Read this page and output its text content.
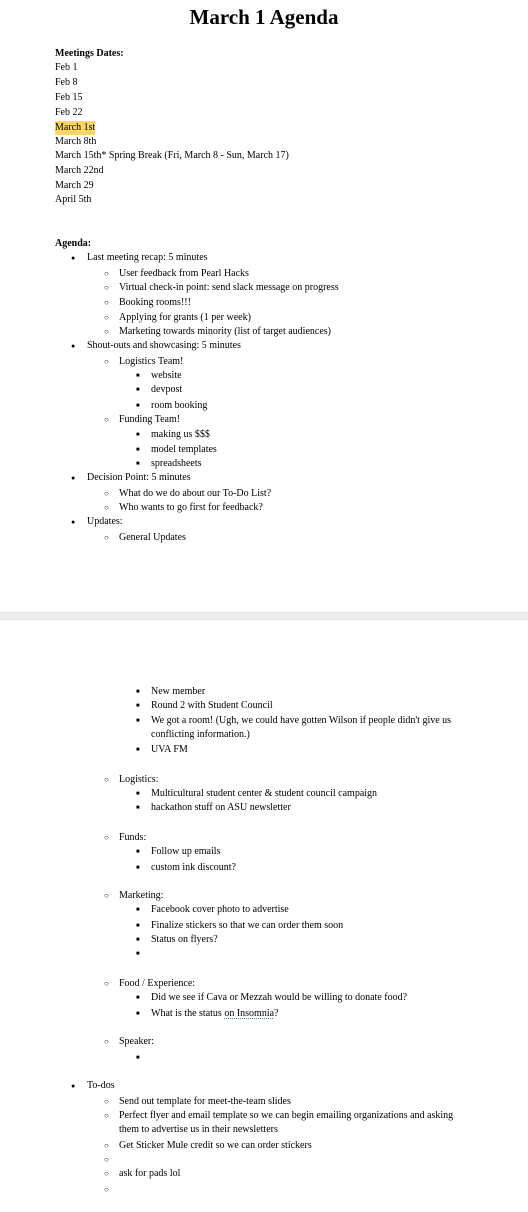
March 1 Agenda
Meetings Dates:
Feb 1
Feb 8
Feb 15
Feb 22
March 1st
March 8th
March 15th* Spring Break (Fri, March 8 - Sun, March 17)
March 22nd
March 29
April 5th
Agenda:
● Last meeting recap: 5 minutes
○ User feedback from Pearl Hacks
○ Virtual check-in point: send slack message on progress
○ Booking rooms!!!
○ Applying for grants (1 per week)
○ Marketing towards minority (list of target audiences)
● Shout-outs and showcasing: 5 minutes
○ Logistics Team!
■ website
■ devpost
■ room booking
○ Funding Team!
■ making us $$$
■ model templates
■ spreadsheets
● Decision Point: 5 minutes
○ What do we do about our To-Do List?
○ Who wants to go first for feedback?
● Updates:
○ General Updates
■ New member
■ Round 2 with Student Council
■ We got a room! (Ugh, we could have gotten Wilson if people didn't give us conflicting information.)
■ UVA FM
○ Logistics:
■ Multicultural student center & student council campaign
■ hackathon stuff on ASU newsletter
○ Funds:
■ Follow up emails
■ custom ink discount?
○ Marketing:
■ Facebook cover photo to advertise
■ Finalize stickers so that we can order them soon
■ Status on flyers?
○ Food / Experience:
■ Did we see if Cava or Mezzah would be willing to donate food?
■ What is the status on Insomnia?
○ Speaker:
● To-dos
○ Send out template for meet-the-team slides
○ Perfect flyer and email template so we can begin emailing organizations and asking them to advertise us in their newsletters
○ Get Sticker Mule credit so we can order stickers
○ ask for pads lol
